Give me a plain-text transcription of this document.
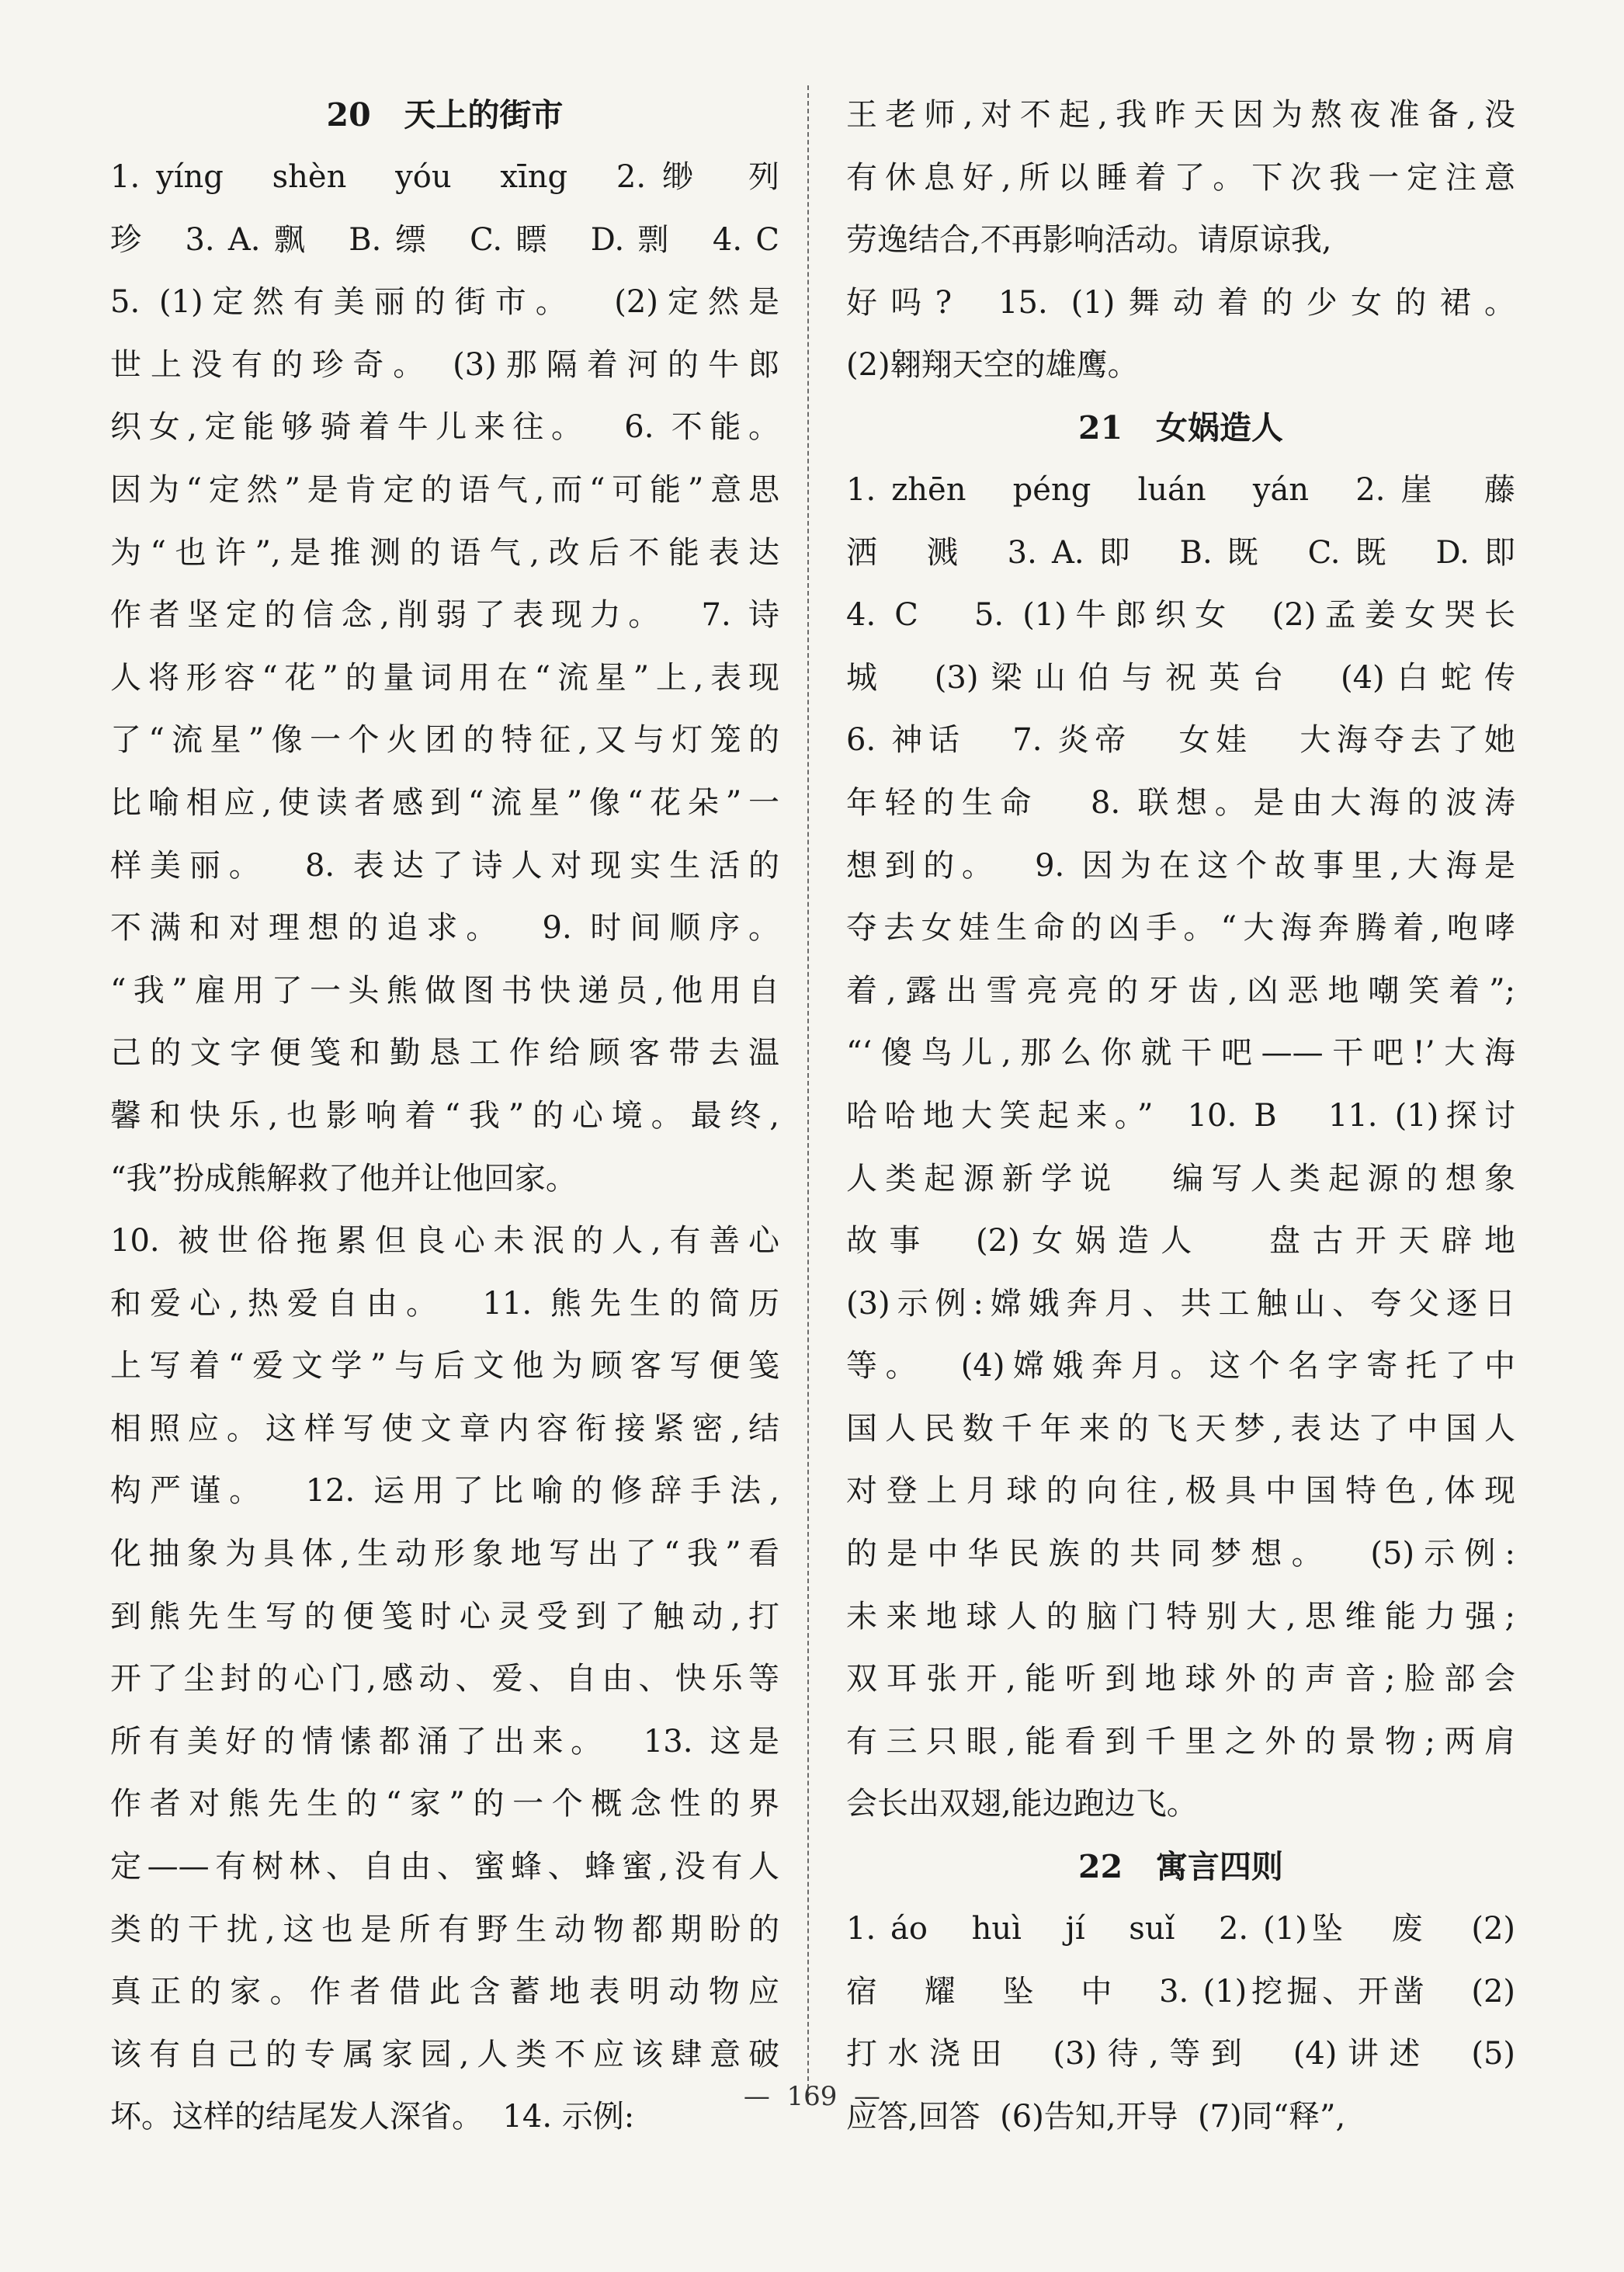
20   天上的街市
1. yíng   shèn   yóu   xīng   2. 缈   列
珍   3. A. 飘   B. 缥   C. 瞟   D. 剽   4. C
5. (1)定然有美丽的街市。  (2)定然是
世上没有的珍奇。 (3)那隔着河的牛郎
织女,定能够骑着牛儿来往。  6. 不能。
因为“定然”是肯定的语气,而“可能”意思
为“也许”,是推测的语气,改后不能表达
作者坚定的信念,削弱了表现力。  7. 诗
人将形容“花”的量词用在“流星”上,表现
了“流星”像一个火团的特征,又与灯笼的
比喻相应,使读者感到“流星”像“花朵”一
样美丽。  8. 表达了诗人对现实生活的
不满和对理想的追求。  9. 时间顺序。
“我”雇用了一头熊做图书快递员,他用自
己的文字便笺和勤恳工作给顾客带去温
馨和快乐,也影响着“我”的心境。最终,
“我”扮成熊解救了他并让他回家。
10. 被世俗拖累但良心未泯的人,有善心
和爱心,热爱自由。  11. 熊先生的简历
上写着“爱文学”与后文他为顾客写便笺
相照应。这样写使文章内容衔接紧密,结
构严谨。  12. 运用了比喻的修辞手法,
化抽象为具体,生动形象地写出了“我”看
到熊先生写的便笺时心灵受到了触动,打
开了尘封的心门,感动、爱、自由、快乐等
所有美好的情愫都涌了出来。  13. 这是
作者对熊先生的“家”的一个概念性的界
定——有树林、自由、蜜蜂、蜂蜜,没有人
类的干扰,这也是所有野生动物都期盼的
真正的家。作者借此含蓄地表明动物应
该有自己的专属家园,人类不应该肆意破
坏。这样的结尾发人深省。  14. 示例:
王老师,对不起,我昨天因为熬夜准备,没
有休息好,所以睡着了。下次我一定注意
劳逸结合,不再影响活动。请原谅我,
好吗?  15. (1)舞动着的少女的裙。
(2)翱翔天空的雄鹰。
21   女娲造人
1. zhēn   péng   luán   yán   2. 崖   藤
洒   溅   3. A. 即   B. 既   C. 既   D. 即
4. C   5. (1)牛郎织女  (2)孟姜女哭长
城  (3)梁山伯与祝英台  (4)白蛇传
6. 神话   7. 炎帝   女娃   大海夺去了她
年轻的生命   8. 联想。是由大海的波涛
想到的。  9. 因为在这个故事里,大海是
夺去女娃生命的凶手。“大海奔腾着,咆哮
着,露出雪亮亮的牙齿,凶恶地嘲笑着”;
“‘傻鸟儿,那么你就干吧——干吧!’大海
哈哈地大笑起来。”  10. B   11. (1)探讨
人类起源新学说   编写人类起源的想象
故事  (2)女娲造人   盘古开天辟地
(3)示例:嫦娥奔月、共工触山、夸父逐日
等。  (4)嫦娥奔月。这个名字寄托了中
国人民数千年来的飞天梦,表达了中国人
对登上月球的向往,极具中国特色,体现
的是中华民族的共同梦想。  (5)示例:
未来地球人的脑门特别大,思维能力强;
双耳张开,能听到地球外的声音;脸部会
有三只眼,能看到千里之外的景物;两肩
会长出双翅,能边跑边飞。
22   寓言四则
1. áo   huì   jí   suǐ   2. (1)坠   废   (2)
宿   耀   坠   中   3. (1)挖掘、开凿   (2)
打水浇田  (3)待,等到  (4)讲述  (5)
应答,回答  (6)告知,开导  (7)同“释”,
—  169  —
